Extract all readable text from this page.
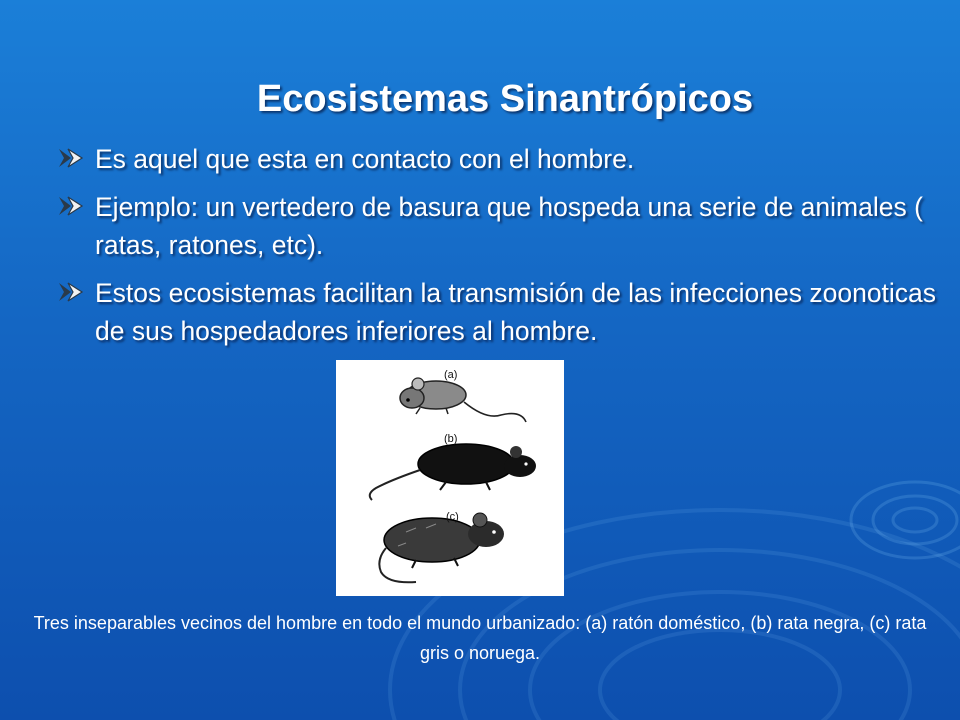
Ecosistemas Sinantrópicos
Es aquel que esta en contacto con el hombre.
Ejemplo: un vertedero de basura que hospeda una serie de animales ( ratas, ratones, etc).
Estos ecosistemas facilitan la transmisión de las infecciones zoonoticas de sus hospedadores inferiores al hombre.
(a)
(b)
(c)

Tres inseparables vecinos del hombre en todo el mundo urbanizado: (a) ratón doméstico, (b) rata negra, (c) rata gris o noruega.
